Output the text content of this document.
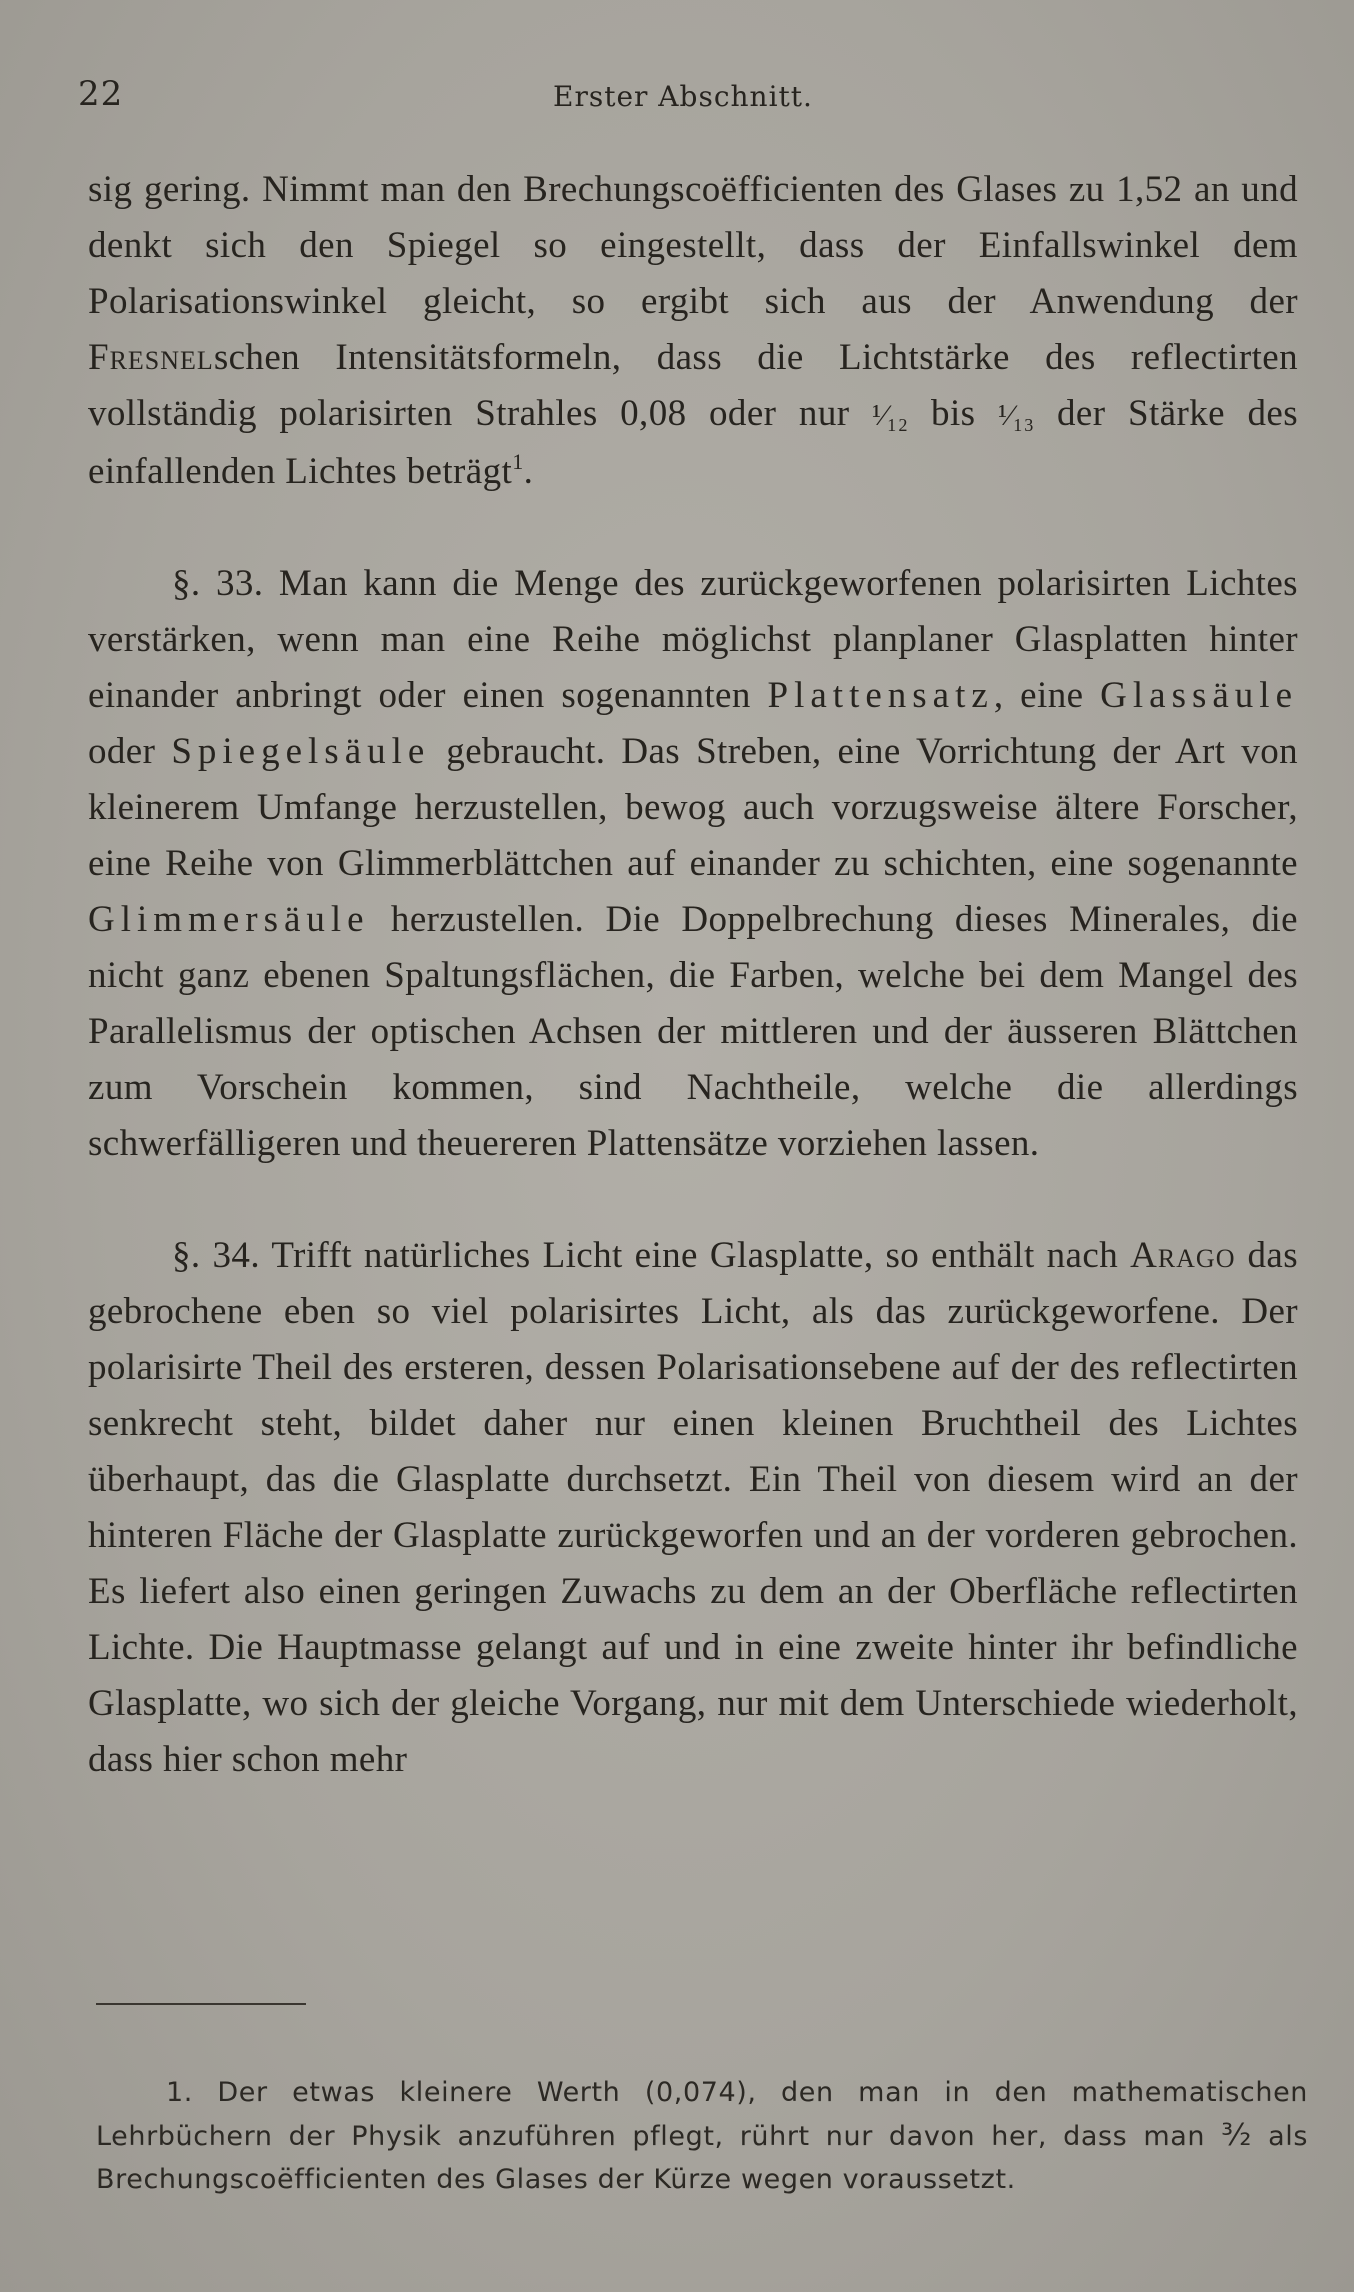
22	Erster Abschnitt.

sig gering. Nimmt man den Brechungscoëfficienten des Glases zu 1,52 an und denkt sich den Spiegel so eingestellt, dass der Einfallswinkel dem Polarisationswinkel gleicht, so ergibt sich aus der Anwendung der Fresnelschen Intensitätsformeln, dass die Lichtstärke des reflectirten vollständig polarisirten Strahles 0,08 oder nur ¹⁄₁₂ bis ¹⁄₁₃ der Stärke des einfallenden Lichtes beträgt$^1$.

§. 33. Man kann die Menge des zurückgeworfenen polarisirten Lichtes verstärken, wenn man eine Reihe möglichst planplaner Glasplatten hinter einander anbringt oder einen sogenannten Plattensatz, eine Glassäule oder Spiegelsäule gebraucht. Das Streben, eine Vorrichtung der Art von kleinerem Umfange herzustellen, bewog auch vorzugsweise ältere Forscher, eine Reihe von Glimmerblättchen auf einander zu schichten, eine sogenannte Glimmersäule herzustellen. Die Doppelbrechung dieses Minerales, die nicht ganz ebenen Spaltungsflächen, die Farben, welche bei dem Mangel des Parallelismus der optischen Achsen der mittleren und der äusseren Blättchen zum Vorschein kommen, sind Nachtheile, welche die allerdings schwerfälligeren und theuereren Plattensätze vorziehen lassen.

§. 34. Trifft natürliches Licht eine Glasplatte, so enthält nach Arago das gebrochene eben so viel polarisirtes Licht, als das zurückgeworfene. Der polarisirte Theil des ersteren, dessen Polarisationsebene auf der des reflectirten senkrecht steht, bildet daher nur einen kleinen Bruchtheil des Lichtes überhaupt, das die Glasplatte durchsetzt. Ein Theil von diesem wird an der hinteren Fläche der Glasplatte zurückgeworfen und an der vorderen gebrochen. Es liefert also einen geringen Zuwachs zu dem an der Oberfläche reflectirten Lichte. Die Hauptmasse gelangt auf und in eine zweite hinter ihr befindliche Glasplatte, wo sich der gleiche Vorgang, nur mit dem Unterschiede wiederholt, dass hier schon mehr

1. Der etwas kleinere Werth (0,074), den man in den mathematischen Lehrbüchern der Physik anzuführen pflegt, rührt nur davon her, dass man ³⁄₂ als Brechungscoëfficienten des Glases der Kürze wegen voraussetzt.
